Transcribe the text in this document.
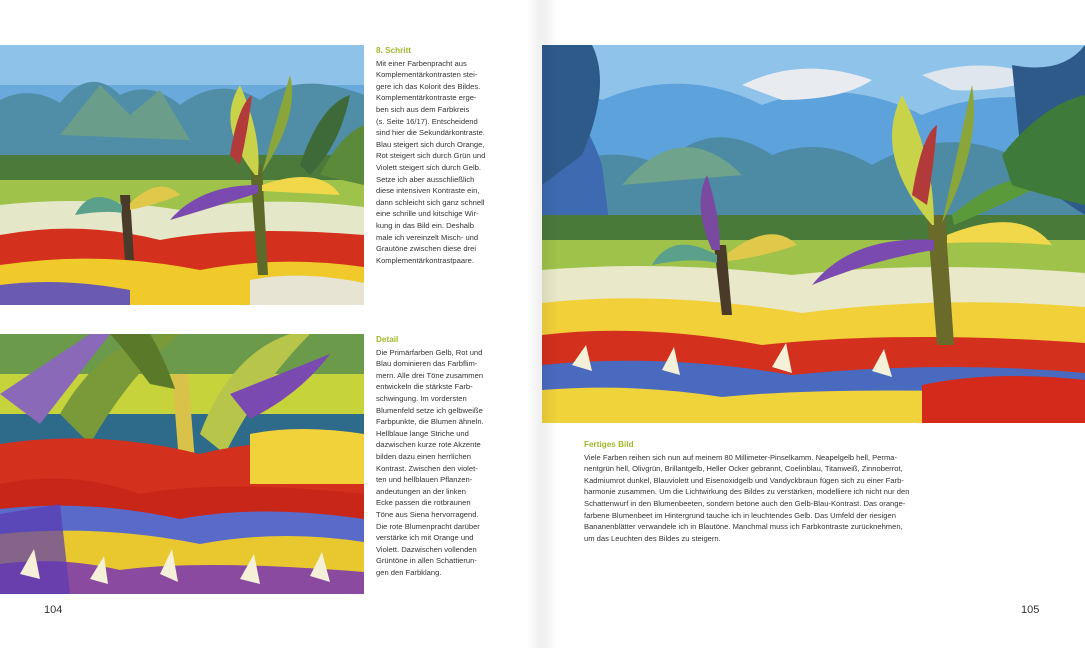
8. Schritt

Mit einer Farbenpracht aus
Komplementärkontrasten stei-
gere ich das Kolorit des Bildes.
Komplementärkontraste erge-
ben sich aus dem Farbkreis
(s. Seite 16/17). Entscheidend
sind hier die Sekundärkontraste.
Blau steigert sich durch Orange,
Rot steigert sich durch Grün und
Violett steigert sich durch Gelb.
Setze ich aber ausschließlich
diese intensiven Kontraste ein,
dann schleicht sich ganz schnell
eine schrille und kitschige Wir-
kung in das Bild ein. Deshalb
male ich vereinzelt Misch- und
Grautöne zwischen diese drei
Komplementärkontrastpaare.

Detail

Die Primärfarben Gelb, Rot und
Blau dominieren das Farbflim-
mern. Alle drei Töne zusammen
entwickeln die stärkste Farb-
schwingung. Im vordersten
Blumenfeld setze ich gelbweiße
Farbpunkte, die Blumen ähneln.
Hellblaue lange Striche und
dazwischen kurze rote Akzente
bilden dazu einen herrlichen
Kontrast. Zwischen den violet-
ten und hellblauen Pflanzen-
andeutungen an der linken
Ecke passen die rotbraunen
Töne aus Siena hervorragend.
Die rote Blumenpracht darüber
verstärke ich mit Orange und
Violett. Dazwischen vollenden
Grüntöne in allen Schattierun-
gen den Farbklang.

104
Fertiges Bild

Viele Farben reihen sich nun auf meinem 80 Millimeter-Pinselkamm. Neapelgelb hell, Perma-
nentgrün hell, Olivgrün, Brillantgelb, Heller Ocker gebrannt, Coelinblau, Titanweiß, Zinnoberrot,
Kadmiumrot dunkel, Blauviolett und Eisenoxidgelb und Vandyckbraun fügen sich zu einer Farb-
harmonie zusammen. Um die Lichtwirkung des Bildes zu verstärken, modelliere ich nicht nur den
Schattenwurf in den Blumenbeeten, sondern betone auch den Gelb-Blau-Kontrast. Das orange-
farbene Blumenbeet im Hintergrund tauche ich in leuchtendes Gelb. Das Umfeld der riesigen
Bananenblätter verwandele ich in Blautöne. Manchmal muss ich Farbkontraste zurücknehmen,
um das Leuchten des Bildes zu steigern.

105
